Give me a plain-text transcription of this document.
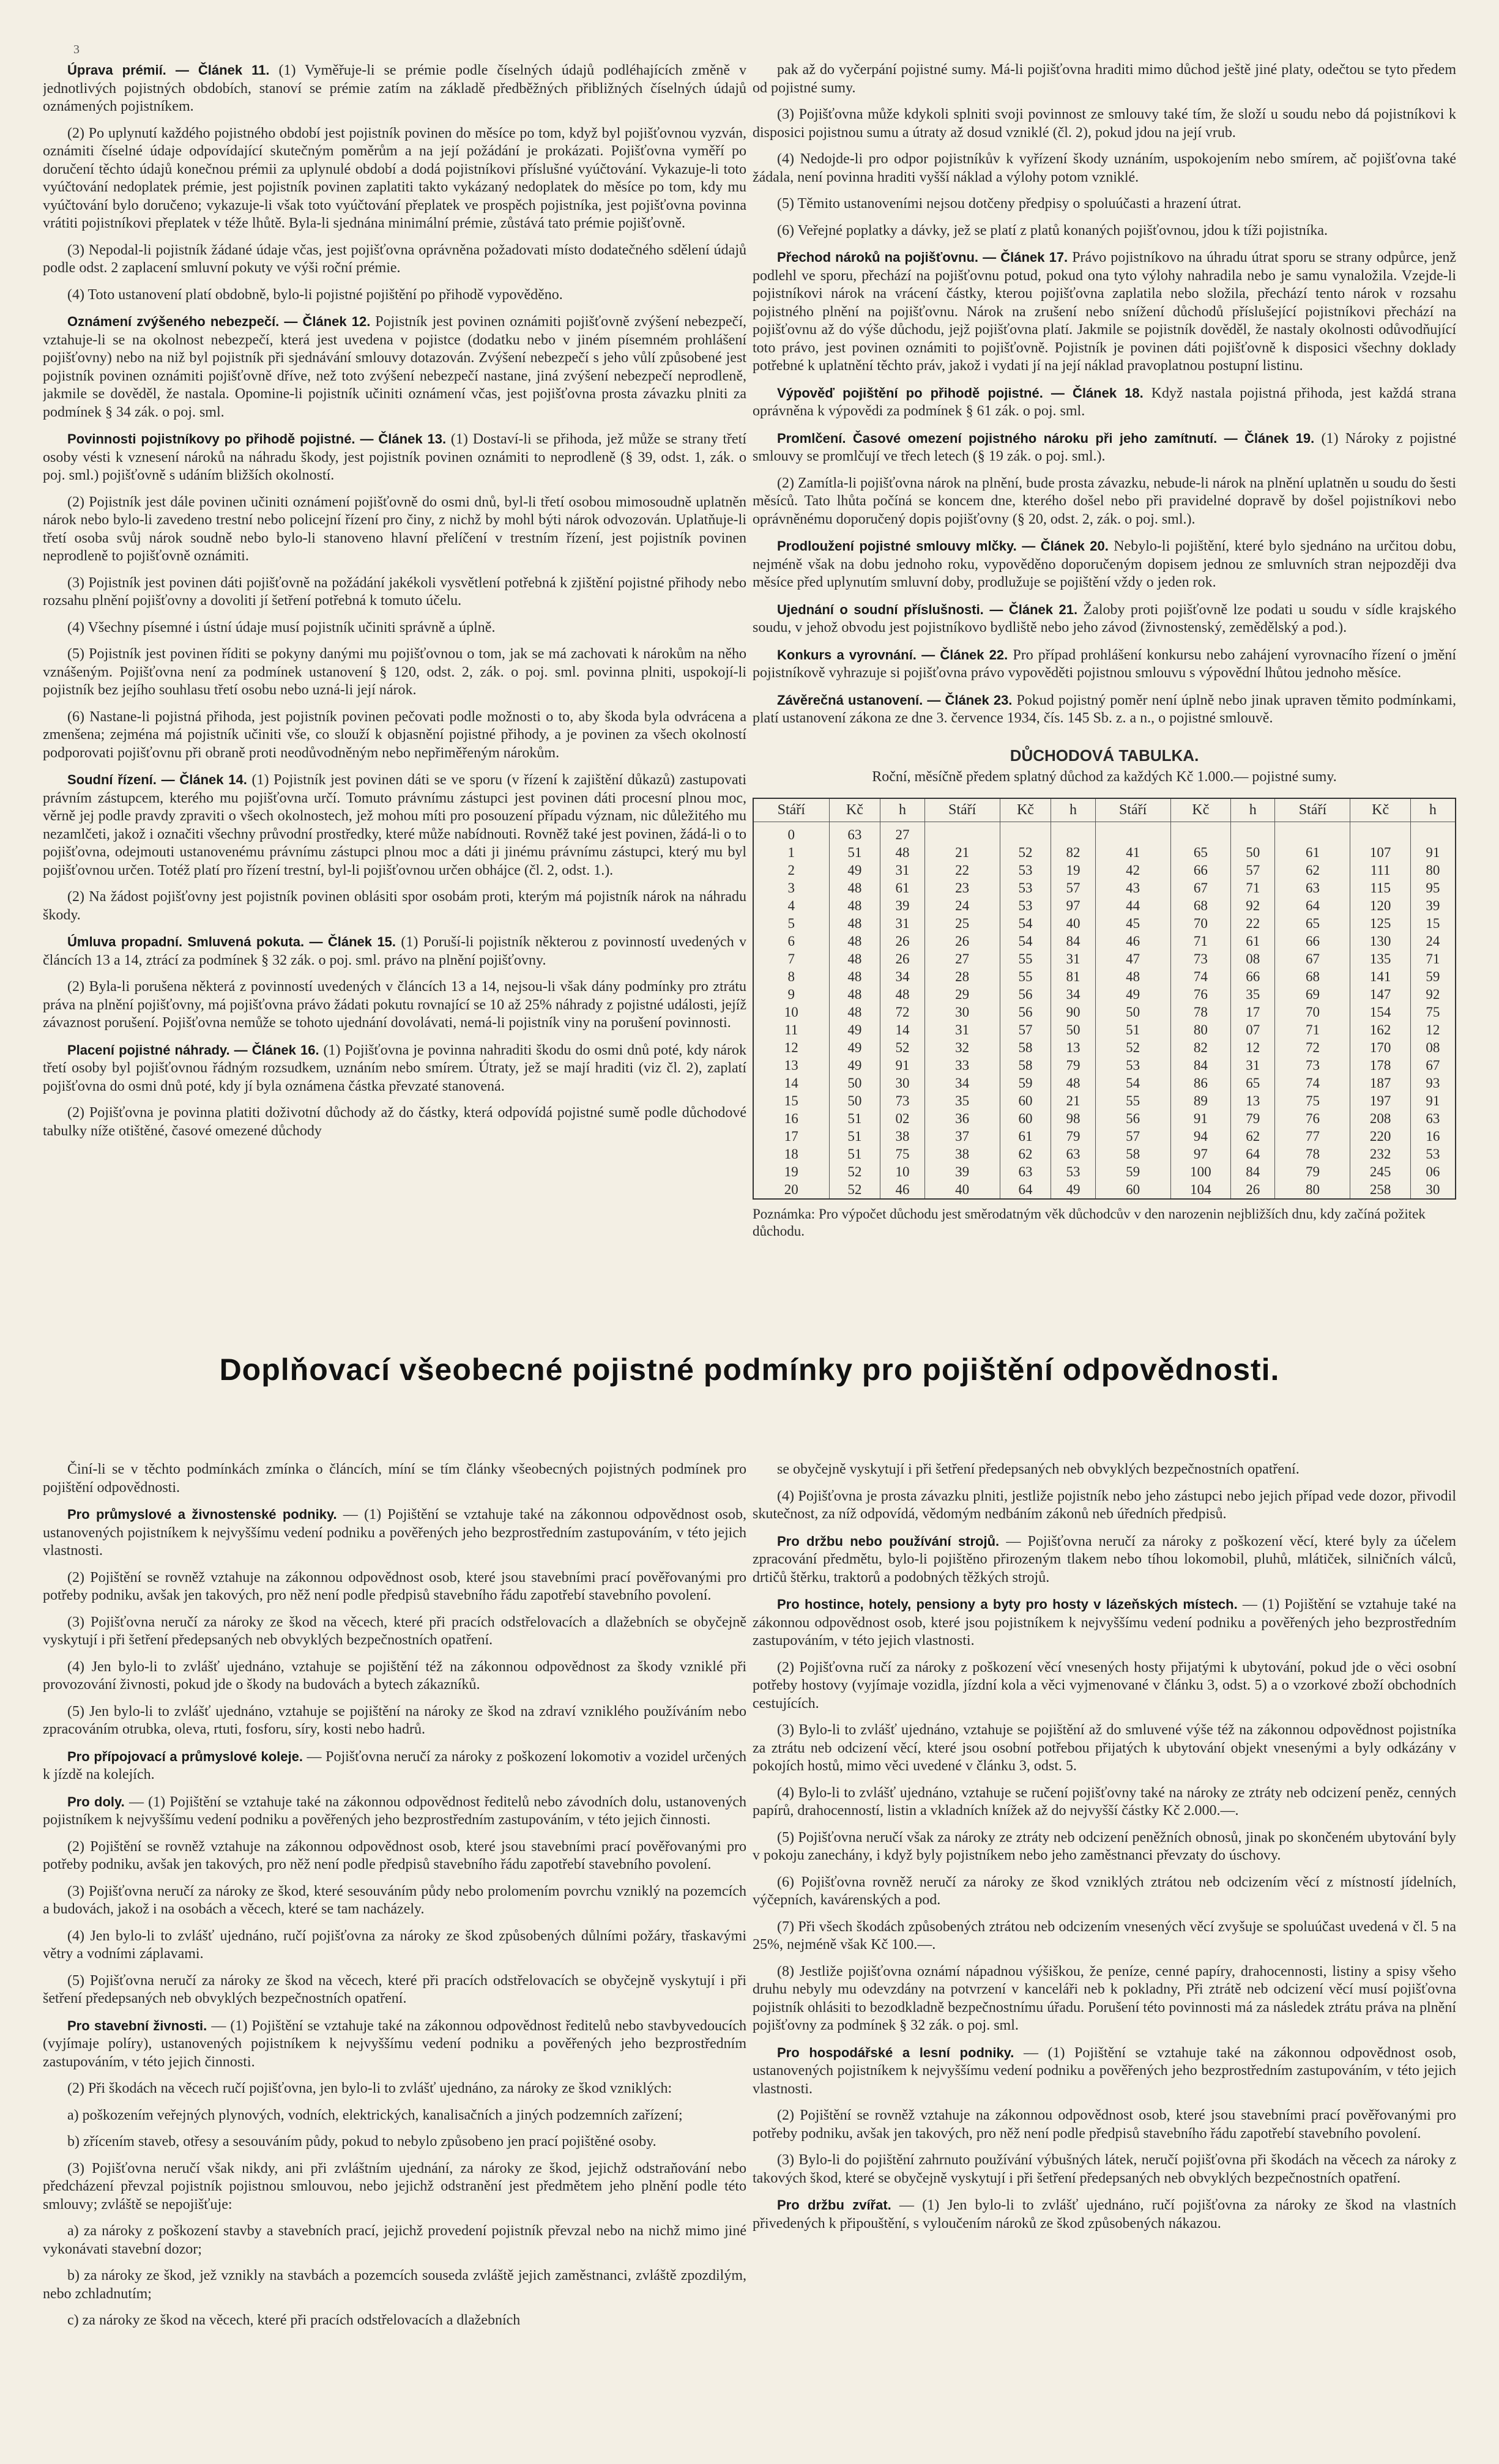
3

Úprava prémií. — Článek 11. (1) Vyměřuje-li se prémie podle číselných údajů podléhajících změně v jednotlivých pojistných obdobích, stanoví se prémie zatím na základě předběžných přibližných číselných údajů oznámených pojistníkem.

(2) Po uplynutí každého pojistného období jest pojistník povinen do měsíce po tom, když byl pojišťovnou vyzván, oznámiti číselné údaje odpovídající skutečným poměrům a na její požádání je prokázati. Pojišťovna vyměří po doručení těchto údajů konečnou prémii za uplynulé období a dodá pojistníkovi příslušné vyúčtování. Vykazuje-li toto vyúčtování nedoplatek prémie, jest pojistník povinen zaplatiti takto vykázaný nedoplatek do měsíce po tom, kdy mu vyúčtování bylo doručeno; vykazuje-li však toto vyúčtování přeplatek ve prospěch pojistníka, jest pojišťovna povinna vrátiti pojistníkovi přeplatek v téže lhůtě. Byla-li sjednána minimální prémie, zůstává tato prémie pojišťovně.

(3) Nepodal-li pojistník žádané údaje včas, jest pojišťovna oprávněna požadovati místo dodatečného sdělení údajů podle odst. 2 zaplacení smluvní pokuty ve výši roční prémie.

(4) Toto ustanovení platí obdobně, bylo-li pojistné pojištění po přihodě vypověděno.

Oznámení zvýšeného nebezpečí. — Článek 12. Pojistník jest povinen oznámiti pojišťovně zvýšení nebezpečí, vztahuje-li se na okolnost nebezpečí, která jest uvedena v pojistce (dodatku nebo v jiném písemném prohlášení pojišťovny) nebo na niž byl pojistník při sjednávání smlouvy dotazován. Zvýšení nebezpečí s jeho vůlí způsobené jest pojistník povinen oznámiti pojišťovně dříve, než toto zvýšení nebezpečí nastane, jiná zvýšení nebezpečí neprodleně, jakmile se dověděl, že nastala. Opomine-li pojistník učiniti oznámení včas, jest pojišťovna prosta závazku plniti za podmínek § 34 zák. o poj. sml.

Povinnosti pojistníkovy po přihodě pojistné. — Článek 13. (1) Dostaví-li se přihoda, jež může se strany třetí osoby vésti k vznesení nároků na náhradu škody, jest pojistník povinen oznámiti to neprodleně (§ 39, odst. 1, zák. o poj. sml.) pojišťovně s udáním bližších okolností.

(2) Pojistník jest dále povinen učiniti oznámení pojišťovně do osmi dnů, byl-li třetí osobou mimosoudně uplatněn nárok nebo bylo-li zavedeno trestní nebo policejní řízení pro činy, z nichž by mohl býti nárok odvozován. Uplatňuje-li třetí osoba svůj nárok soudně nebo bylo-li stanoveno hlavní přelíčení v trestním řízení, jest pojistník povinen neprodleně to pojišťovně oznámiti.

(3) Pojistník jest povinen dáti pojišťovně na požádání jakékoli vysvětlení potřebná k zjištění pojistné přihody nebo rozsahu plnění pojišťovny a dovoliti jí šetření potřebná k tomuto účelu.

(4) Všechny písemné i ústní údaje musí pojistník učiniti správně a úplně.

(5) Pojistník jest povinen říditi se pokyny danými mu pojišťovnou o tom, jak se má zachovati k nárokům na něho vznášeným. Pojišťovna není za podmínek ustanovení § 120, odst. 2, zák. o poj. sml. povinna plniti, uspokojí-li pojistník bez jejího souhlasu třetí osobu nebo uzná-li její nárok.

(6) Nastane-li pojistná přihoda, jest pojistník povinen pečovati podle možnosti o to, aby škoda byla odvrácena a zmenšena; zejména má pojistník učiniti vše, co slouží k objasnění pojistné přihody, a je povinen za všech okolností podporovati pojišťovnu při obraně proti neodůvodněným nebo nepřiměřeným nárokům.

Soudní řízení. — Článek 14. (1) Pojistník jest povinen dáti se ve sporu (v řízení k zajištění důkazů) zastupovati právním zástupcem, kterého mu pojišťovna určí. Tomuto právnímu zástupci jest povinen dáti procesní plnou moc, věrně jej podle pravdy zpraviti o všech okolnostech, jež mohou míti pro posouzení případu význam, nic důležitého mu nezamlčeti, jakož i označiti všechny průvodní prostředky, které může nabídnouti. Rovněž také jest povinen, žádá-li o to pojišťovna, odejmouti ustanovenému právnímu zástupci plnou moc a dáti ji jinému právnímu zástupci, který mu byl pojišťovnou určen. Totéž platí pro řízení trestní, byl-li pojišťovnou určen obhájce (čl. 2, odst. 1.).

(2) Na žádost pojišťovny jest pojistník povinen oblásiti spor osobám proti, kterým má pojistník nárok na náhradu škody.

Úmluva propadní. Smluvená pokuta. — Článek 15. (1) Poruší-li pojistník některou z povinností uvedených v článcích 13 a 14, ztrácí za podmínek § 32 zák. o poj. sml. právo na plnění pojišťovny.

(2) Byla-li porušena některá z povinností uvedených v článcích 13 a 14, nejsou-li však dány podmínky pro ztrátu práva na plnění pojišťovny, má pojišťovna právo žádati pokutu rovnající se 10 až 25% náhrady z pojistné události, jejíž závaznost porušení. Pojišťovna nemůže se tohoto ujednání dovolávati, nemá-li pojistník viny na porušení povinnosti.

Placení pojistné náhrady. — Článek 16. (1) Pojišťovna je povinna nahraditi škodu do osmi dnů poté, kdy nárok třetí osoby byl pojišťovnou řádným rozsudkem, uznáním nebo smírem. Útraty, jež se mají hraditi (viz čl. 2), zaplatí pojišťovna do osmi dnů poté, kdy jí byla oznámena částka převzaté stanovená.

(2) Pojišťovna je povinna platiti doživotní důchody až do částky, která odpovídá pojistné sumě podle důchodové tabulky níže otištěné, časové omezené důchody

pak až do vyčerpání pojistné sumy. Má-li pojišťovna hraditi mimo důchod ještě jiné platy, odečtou se tyto předem od pojistné sumy.

(3) Pojišťovna může kdykoli splniti svoji povinnost ze smlouvy také tím, že složí u soudu nebo dá pojistníkovi k disposici pojistnou sumu a útraty až dosud vzniklé (čl. 2), pokud jdou na její vrub.

(4) Nedojde-li pro odpor pojistníkův k vyřízení škody uznáním, uspokojením nebo smírem, ač pojišťovna také žádala, není povinna hraditi vyšší náklad a výlohy potom vzniklé.

(5) Těmito ustanoveními nejsou dotčeny předpisy o spoluúčasti a hrazení útrat.

(6) Veřejné poplatky a dávky, jež se platí z platů konaných pojišťovnou, jdou k tíži pojistníka.

Přechod nároků na pojišťovnu. — Článek 17. Právo pojistníkovo na úhradu útrat sporu se strany odpůrce, jenž podlehl ve sporu, přechází na pojišťovnu potud, pokud ona tyto výlohy nahradila nebo je samu vynaložila. Vzejde-li pojistníkovi nárok na vrácení částky, kterou pojišťovna zaplatila nebo složila, přechází tento nárok v rozsahu pojistného plnění na pojišťovnu. Nárok na zrušení nebo snížení důchodů příslušející pojistníkovi přechází na pojišťovnu až do výše důchodu, jejž pojišťovna platí. Jakmile se pojistník dověděl, že nastaly okolnosti odůvodňující toto právo, jest povinen oznámiti to pojišťovně. Pojistník je povinen dáti pojišťovně k disposici všechny doklady potřebné k uplatnění těchto práv, jakož i vydati jí na její náklad pravoplatnou postupní listinu.

Výpověď pojištění po přihodě pojistné. — Článek 18. Když nastala pojistná přihoda, jest každá strana oprávněna k výpovědi za podmínek § 61 zák. o poj. sml.

Promlčení. Časové omezení pojistného nároku při jeho zamítnutí. — Článek 19. (1) Nároky z pojistné smlouvy se promlčují ve třech letech (§ 19 zák. o poj. sml.).

(2) Zamítla-li pojišťovna nárok na plnění, bude prosta závazku, nebude-li nárok na plnění uplatněn u soudu do šesti měsíců. Tato lhůta počíná se koncem dne, kterého došel nebo při pravidelné dopravě by došel pojistníkovi nebo oprávněnému doporučený dopis pojišťovny (§ 20, odst. 2, zák. o poj. sml.).

Prodloužení pojistné smlouvy mlčky. — Článek 20. Nebylo-li pojištění, které bylo sjednáno na určitou dobu, nejméně však na dobu jednoho roku, vypověděno doporučeným dopisem jednou ze smluvních stran nejpozději dva měsíce před uplynutím smluvní doby, prodlužuje se pojištění vždy o jeden rok.

Ujednání o soudní příslušnosti. — Článek 21. Žaloby proti pojišťovně lze podati u soudu v sídle krajského soudu, v jehož obvodu jest pojistníkovo bydliště nebo jeho závod (živnostenský, zemědělský a pod.).

Konkurs a vyrovnání. — Článek 22. Pro případ prohlášení konkursu nebo zahájení vyrovnacího řízení o jmění pojistníkově vyhrazuje si pojišťovna právo vypověděti pojistnou smlouvu s výpovědní lhůtou jednoho měsíce.

Závěrečná ustanovení. — Článek 23. Pokud pojistný poměr není úplně nebo jinak upraven těmito podmínkami, platí ustanovení zákona ze dne 3. července 1934, čís. 145 Sb. z. a n., o pojistné smlouvě.

DŮCHODOVÁ TABULKA.
Roční, měsíčně předem splatný důchod za každých Kč 1.000.— pojistné sumy.
Stáří	Kč	h	Stáří	Kč	h	Stáří	Kč	h	Stáří	Kč	h
0	63	27									
1	51	48	21	52	82	41	65	50	61	107	91
2	49	31	22	53	19	42	66	57	62	111	80
3	48	61	23	53	57	43	67	71	63	115	95
4	48	39	24	53	97	44	68	92	64	120	39
5	48	31	25	54	40	45	70	22	65	125	15
6	48	26	26	54	84	46	71	61	66	130	24
7	48	26	27	55	31	47	73	08	67	135	71
8	48	34	28	55	81	48	74	66	68	141	59
9	48	48	29	56	34	49	76	35	69	147	92
10	48	72	30	56	90	50	78	17	70	154	75
11	49	14	31	57	50	51	80	07	71	162	12
12	49	52	32	58	13	52	82	12	72	170	08
13	49	91	33	58	79	53	84	31	73	178	67
14	50	30	34	59	48	54	86	65	74	187	93
15	50	73	35	60	21	55	89	13	75	197	91
16	51	02	36	60	98	56	91	79	76	208	63
17	51	38	37	61	79	57	94	62	77	220	16
18	51	75	38	62	63	58	97	64	78	232	53
19	52	10	39	63	53	59	100	84	79	245	06
20	52	46	40	64	49	60	104	26	80	258	30
Poznámka: Pro výpočet důchodu jest směrodatným věk důchodcův v den narozenin nejbližších dnu, kdy začíná požitek důchodu.
Doplňovací všeobecné pojistné podmínky pro pojištění odpovědnosti.

Činí-li se v těchto podmínkách zmínka o článcích, míní se tím články všeobecných pojistných podmínek pro pojištění odpovědnosti.

Pro průmyslové a živnostenské podniky. — (1) Pojištění se vztahuje také na zákonnou odpovědnost osob, ustanovených pojistníkem k nejvyššímu vedení podniku a pověřených jeho bezprostředním zastupováním, v této jejich vlastnosti.

(2) Pojištění se rovněž vztahuje na zákonnou odpovědnost osob, které jsou stavebními prací pověřovanými pro potřeby podniku, avšak jen takových, pro něž není podle předpisů stavebního řádu zapotřebí stavebního povolení.

(3) Pojišťovna neručí za nároky ze škod na věcech, které při pracích odstřelovacích a dlažebních se obyčejně vyskytují i při šetření předepsaných neb obvyklých bezpečnostních opatření.

(4) Jen bylo-li to zvlášť ujednáno, vztahuje se pojištění též na zákonnou odpovědnost za škody vzniklé při provozování živnosti, pokud jde o škody na budovách a bytech zákazníků.

(5) Jen bylo-li to zvlášť ujednáno, vztahuje se pojištění na nároky ze škod na zdraví vzniklého používáním nebo zpracováním otrubka, oleva, rtuti, fosforu, síry, kosti nebo hadrů.

Pro přípojovací a průmyslové koleje. — Pojišťovna neručí za nároky z poškození lokomotiv a vozidel určených k jízdě na kolejích.

Pro doly. — (1) Pojištění se vztahuje také na zákonnou odpovědnost ředitelů nebo závodních dolu, ustanovených pojistníkem k nejvyššímu vedení podniku a pověřených jeho bezprostředním zastupováním, v této jejich činnosti.

(2) Pojištění se rovněž vztahuje na zákonnou odpovědnost osob, které jsou stavebními prací pověřovanými pro potřeby podniku, avšak jen takových, pro něž není podle předpisů stavebního řádu zapotřebí stavebního povolení.

(3) Pojišťovna neručí za nároky ze škod, které sesouváním půdy nebo prolomením povrchu vzniklý na pozemcích a budovách, jakož i na osobách a věcech, které se tam nacházely.

(4) Jen bylo-li to zvlášť ujednáno, ručí pojišťovna za nároky ze škod způsobených důlními požáry, třaskavými větry a vodními záplavami.

(5) Pojišťovna neručí za nároky ze škod na věcech, které při pracích odstřelovacích se obyčejně vyskytují i při šetření předepsaných neb obvyklých bezpečnostních opatření.

Pro stavební živnosti. — (1) Pojištění se vztahuje také na zákonnou odpovědnost ředitelů nebo stavbyvedoucích (vyjímaje políry), ustanovených pojistníkem k nejvyššímu vedení podniku a pověřených jeho bezprostředním zastupováním, v této jejich činnosti.

(2) Při škodách na věcech ručí pojišťovna, jen bylo-li to zvlášť ujednáno, za nároky ze škod vzniklých:

a) poškozením veřejných plynových, vodních, elektrických, kanalisačních a jiných podzemních zařízení;

b) zřícením staveb, otřesy a sesouváním půdy, pokud to nebylo způsobeno jen prací pojištěné osoby.

(3) Pojišťovna neručí však nikdy, ani při zvláštním ujednání, za nároky ze škod, jejichž odstraňování nebo předcházení převzal pojistník pojistnou smlouvou, nebo jejichž odstranění jest předmětem jeho plnění podle této smlouvy; zvláště se nepojišťuje:

a) za nároky z poškození stavby a stavebních prací, jejichž provedení pojistník převzal nebo na nichž mimo jiné vykonávati stavební dozor;

b) za nároky ze škod, jež vznikly na stavbách a pozemcích souseda zvláště jejich zaměstnanci, zvláště zpozdilým, nebo zchladnutím;

c) za nároky ze škod na věcech, které při pracích odstřelovacích a dlažebních

se obyčejně vyskytují i při šetření předepsaných neb obvyklých bezpečnostních opatření.

(4) Pojišťovna je prosta závazku plniti, jestliže pojistník nebo jeho zástupci nebo jejich případ vede dozor, přivodil skutečnost, za níž odpovídá, vědomým nedbáním zákonů neb úředních předpisů.

Pro držbu nebo používání strojů. — Pojišťovna neručí za nároky z poškození věcí, které byly za účelem zpracování předmětu, bylo-li pojištěno přirozeným tlakem nebo tíhou lokomobil, pluhů, mlátiček, silničních válců, drtičů štěrku, traktorů a podobných těžkých strojů.

Pro hostince, hotely, pensiony a byty pro hosty v lázeňských místech. — (1) Pojištění se vztahuje také na zákonnou odpovědnost osob, které jsou pojistníkem k nejvyššímu vedení podniku a pověřených jeho bezprostředním zastupováním, v této jejich vlastnosti.

(2) Pojišťovna ručí za nároky z poškození věcí vnesených hosty přijatými k ubytování, pokud jde o věci osobní potřeby hostovy (vyjímaje vozidla, jízdní kola a věci vyjmenované v článku 3, odst. 5) a o vzorkové zboží obchodních cestujících.

(3) Bylo-li to zvlášť ujednáno, vztahuje se pojištění až do smluvené výše též na zákonnou odpovědnost pojistníka za ztrátu neb odcizení věcí, které jsou osobní potřebou přijatých k ubytování objekt vnesenými a byly odkázány v pokojích hostů, mimo věci uvedené v článku 3, odst. 5.

(4) Bylo-li to zvlášť ujednáno, vztahuje se ručení pojišťovny také na nároky ze ztráty neb odcizení peněz, cenných papírů, drahocenností, listin a vkladních knížek až do nejvyšší částky Kč 2.000.—.

(5) Pojišťovna neručí však za nároky ze ztráty neb odcizení peněžních obnosů, jinak po skončeném ubytování byly v pokoju zanechány, i když byly pojistníkem nebo jeho zaměstnanci převzaty do úschovy.

(6) Pojišťovna rovněž neručí za nároky ze škod vzniklých ztrátou neb odcizením věcí z místností jídelních, výčepních, kavárenských a pod.

(7) Při všech škodách způsobených ztrátou neb odcizením vnesených věcí zvyšuje se spoluúčast uvedená v čl. 5 na 25%, nejméně však Kč 100.—.

(8) Jestliže pojišťovna oznámí nápadnou výšiškou, že peníze, cenné papíry, drahocennosti, listiny a spisy všeho druhu nebyly mu odevzdány na potvrzení v kanceláři neb k pokladny, Při ztrátě neb odcizení věcí musí pojišťovna pojistník ohlásiti to bezodkladně bezpečnostnímu úřadu. Porušení této povinnosti má za následek ztrátu práva na plnění pojišťovny za podmínek § 32 zák. o poj. sml.

Pro hospodářské a lesní podniky. — (1) Pojištění se vztahuje také na zákonnou odpovědnost osob, ustanovených pojistníkem k nejvyššímu vedení podniku a pověřených jeho bezprostředním zastupováním, v této jejich vlastnosti.

(2) Pojištění se rovněž vztahuje na zákonnou odpovědnost osob, které jsou stavebními prací pověřovanými pro potřeby podniku, avšak jen takových, pro něž není podle předpisů stavebního řádu zapotřebí stavebního povolení.

(3) Bylo-li do pojištění zahrnuto používání výbušných látek, neručí pojišťovna při škodách na věcech za nároky z takových škod, které se obyčejně vyskytují i při šetření předepsaných neb obvyklých bezpečnostních opatření.

Pro držbu zvířat. — (1) Jen bylo-li to zvlášť ujednáno, ručí pojišťovna za nároky ze škod na vlastních přivedených k připouštění, s vyloučením nároků ze škod způsobených nákazou.
